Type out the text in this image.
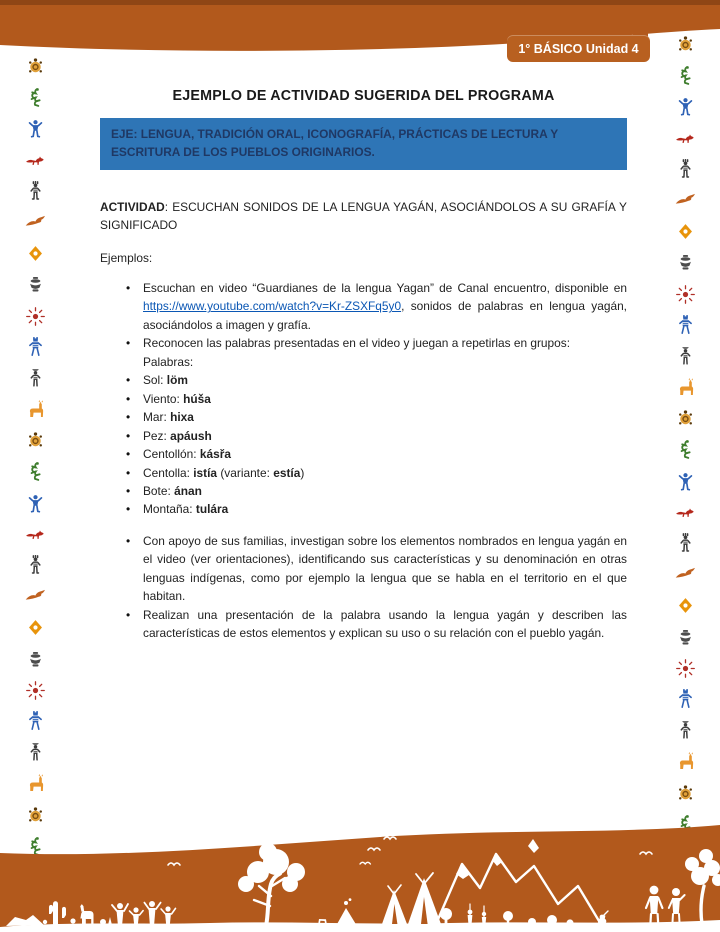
1° BÁSICO Unidad 4
EJEMPLO DE ACTIVIDAD SUGERIDA DEL PROGRAMA
EJE: LENGUA, TRADICIÓN ORAL, ICONOGRAFÍA, PRÁCTICAS DE LECTURA Y ESCRITURA DE LOS PUEBLOS ORIGINARIOS.

ACTIVIDAD: ESCUCHAN SONIDOS DE LA LENGUA YAGÁN, ASOCIÁNDOLOS A SU GRAFÍA Y SIGNIFICADO

Ejemplos:

• Escuchan en video “Guardianes de la lengua Yagan” de Canal encuentro, disponible en https://www.youtube.com/watch?v=Kr-ZSXFq5y0, sonidos de palabras en lengua yagán, asociándolos a imagen y grafía.
• Reconocen las palabras presentadas en el video y juegan a repetirlas en grupos:
Palabras:
• Sol: löm
• Viento: húša
• Mar: hixa
• Pez: apáush
• Centollón: kásřa
• Centolla: istía (variante: estía)
• Bote: ánan
• Montaña: tulára
• Con apoyo de sus familias, investigan sobre los elementos nombrados en lengua yagán en el video (ver orientaciones), identificando sus características y su denominación en otras lenguas indígenas, como por ejemplo la lengua que se habla en el territorio en el que habitan.
• Realizan una presentación de la palabra usando la lengua yagán y describen las características de estos elementos y explican su uso o su relación con el pueblo yagán.
